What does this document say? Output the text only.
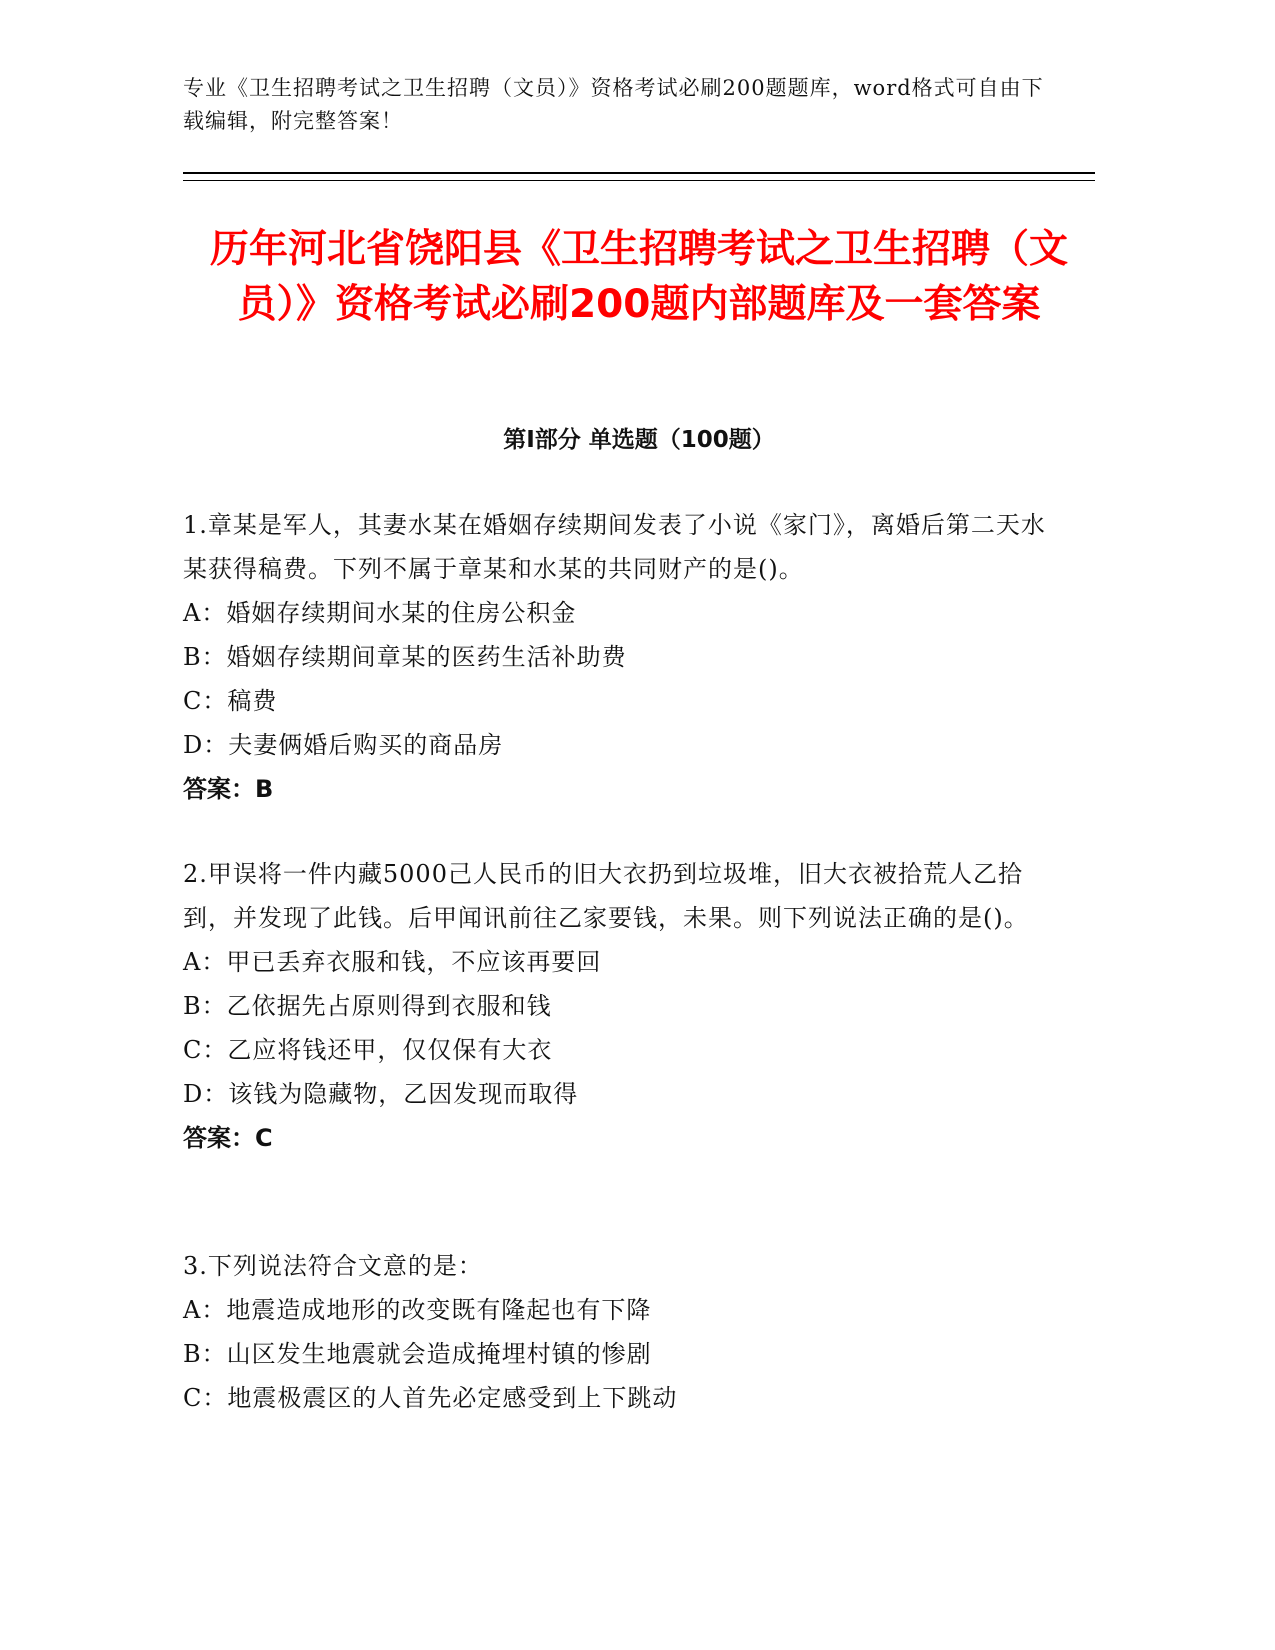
专业《卫生招聘考试之卫生招聘（文员）》资格考试必刷200题题库，word格式可自由下载编辑，附完整答案！
历年河北省饶阳县《卫生招聘考试之卫生招聘（文员）》资格考试必刷200题内部题库及一套答案
第Ⅰ部分 单选题（100题）
1.章某是军人，其妻水某在婚姻存续期间发表了小说《家门》，离婚后第二天水某获得稿费。下列不属于章某和水某的共同财产的是()。
A：婚姻存续期间水某的住房公积金
B：婚姻存续期间章某的医药生活补助费
C：稿费
D：夫妻俩婚后购买的商品房
答案：B
2.甲误将一件内藏5000己人民币的旧大衣扔到垃圾堆，旧大衣被拾荒人乙拾到，并发现了此钱。后甲闻讯前往乙家要钱，未果。则下列说法正确的是()。
A：甲已丢弃衣服和钱，不应该再要回
B：乙依据先占原则得到衣服和钱
C：乙应将钱还甲，仅仅保有大衣
D：该钱为隐藏物，乙因发现而取得
答案：C
3.下列说法符合文意的是：
A：地震造成地形的改变既有隆起也有下降
B：山区发生地震就会造成掩埋村镇的惨剧
C：地震极震区的人首先必定感受到上下跳动
